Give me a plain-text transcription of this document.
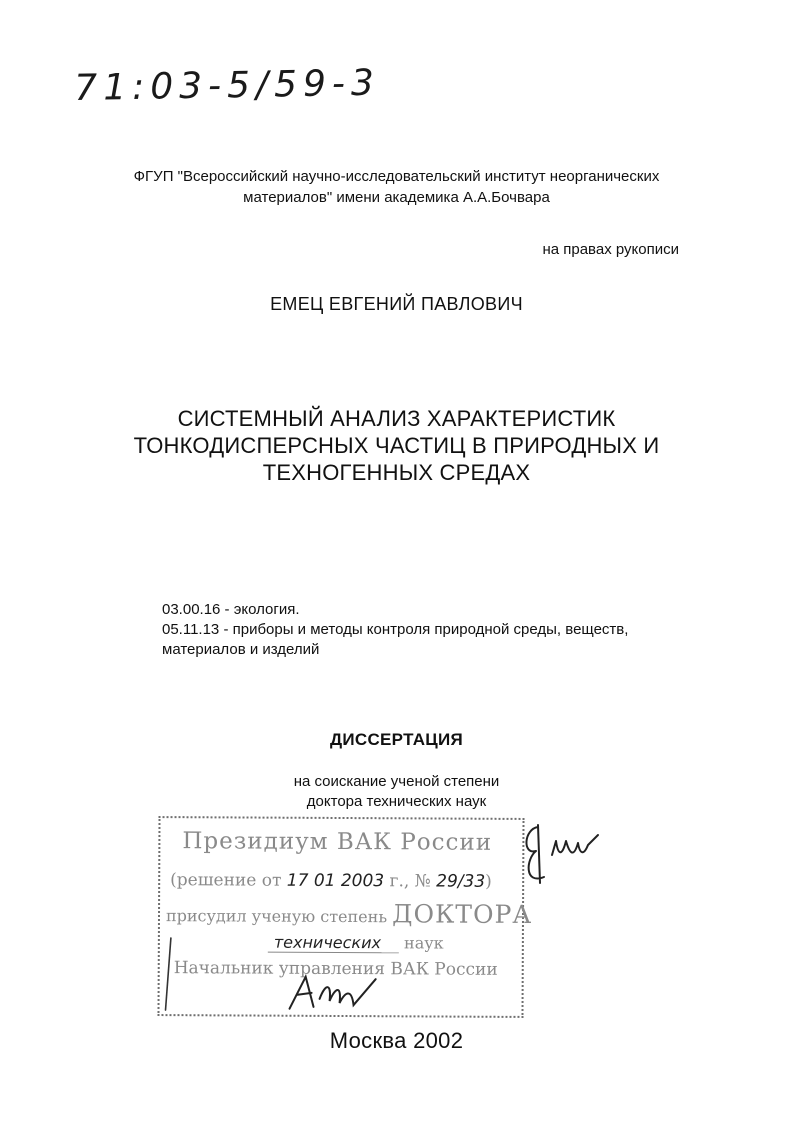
71:03-5/59-3
ФГУП "Всероссийский научно-исследовательский институт неорганических
материалов" имени академика А.А.Бочвара
на правах рукописи
ЕМЕЦ ЕВГЕНИЙ ПАВЛОВИЧ
СИСТЕМНЫЙ АНАЛИЗ ХАРАКТЕРИСТИК
ТОНКОДИСПЕРСНЫХ ЧАСТИЦ В ПРИРОДНЫХ И
ТЕХНОГЕННЫХ СРЕДАХ
03.00.16 - экология.
05.11.13 - приборы и методы контроля природной среды, веществ,
материалов и изделий
ДИССЕРТАЦИЯ
на соискание ученой степени
доктора технических наук
Президиум ВАК России
(решение от 17 01 2003 г., № 29/33)
присудил ученую степень ДОКТОРА
технических наук
Начальник управления ВАК России
Москва 2002
